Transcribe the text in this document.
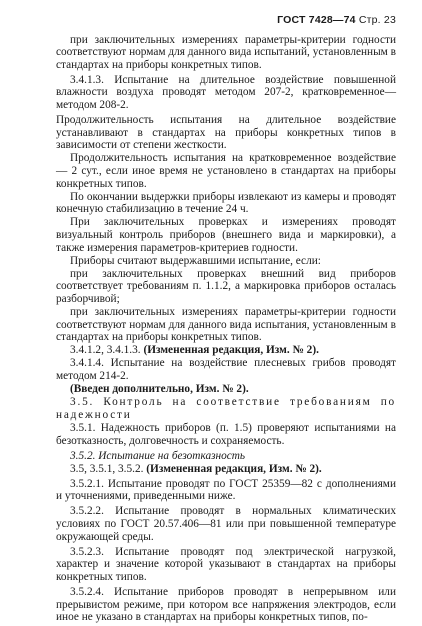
ГОСТ 7428—74 Стр. 23

при заключительных измерениях параметры-критерии годности соответствуют нормам для данного вида испытаний, установленным в стандартах на приборы конкретных типов.

3.4.1.3. Испытание на длительное воздействие повышенной влажности воздуха проводят методом 207-2, кратковременное—методом 208-2.

Продолжительность испытания на длительное воздействие устанавливают в стандартах на приборы конкретных типов в зависимости от степени жесткости.

Продолжительность испытания на кратковременное воздействие — 2 сут., если иное время не установлено в стандартах на приборы конкретных типов.

По окончании выдержки приборы извлекают из камеры и проводят конечную стабилизацию в течение 24 ч.

При заключительных проверках и измерениях проводят визуальный контроль приборов (внешнего вида и маркировки), а также измерения параметров-критериев годности.

Приборы считают выдержавшими испытание, если:

при заключительных проверках внешний вид приборов соответствует требованиям п. 1.1.2, а маркировка приборов осталась разборчивой;

при заключительных измерениях параметры-критерии годности соответствуют нормам для данного вида испытания, установленным в стандартах на приборы конкретных типов.

3.4.1.2, 3.4.1.3. (Измененная редакция, Изм. № 2).

3.4.1.4. Испытание на воздействие плесневых грибов проводят методом 214-2.

(Введен дополнительно, Изм. № 2).

3.5. Контроль на соответствие требованиям по надежности

3.5.1. Надежность приборов (п. 1.5) проверяют испытаниями на безотказность, долговечность и сохраняемость.

3.5.2. Испытание на безотказность

3.5, 3.5.1, 3.5.2. (Измененная редакция, Изм. № 2).

3.5.2.1. Испытание проводят по ГОСТ 25359—82 с дополнениями и уточнениями, приведенными ниже.

3.5.2.2. Испытание проводят в нормальных климатических условиях по ГОСТ 20.57.406—81 или при повышенной температуре окружающей среды.

3.5.2.3. Испытание проводят под электрической нагрузкой, характер и значение которой указывают в стандартах на приборы конкретных типов.

3.5.2.4. Испытание приборов проводят в непрерывном или прерывистом режиме, при котором все напряжения электродов, если иное не указано в стандартах на приборы конкретных типов, по-
